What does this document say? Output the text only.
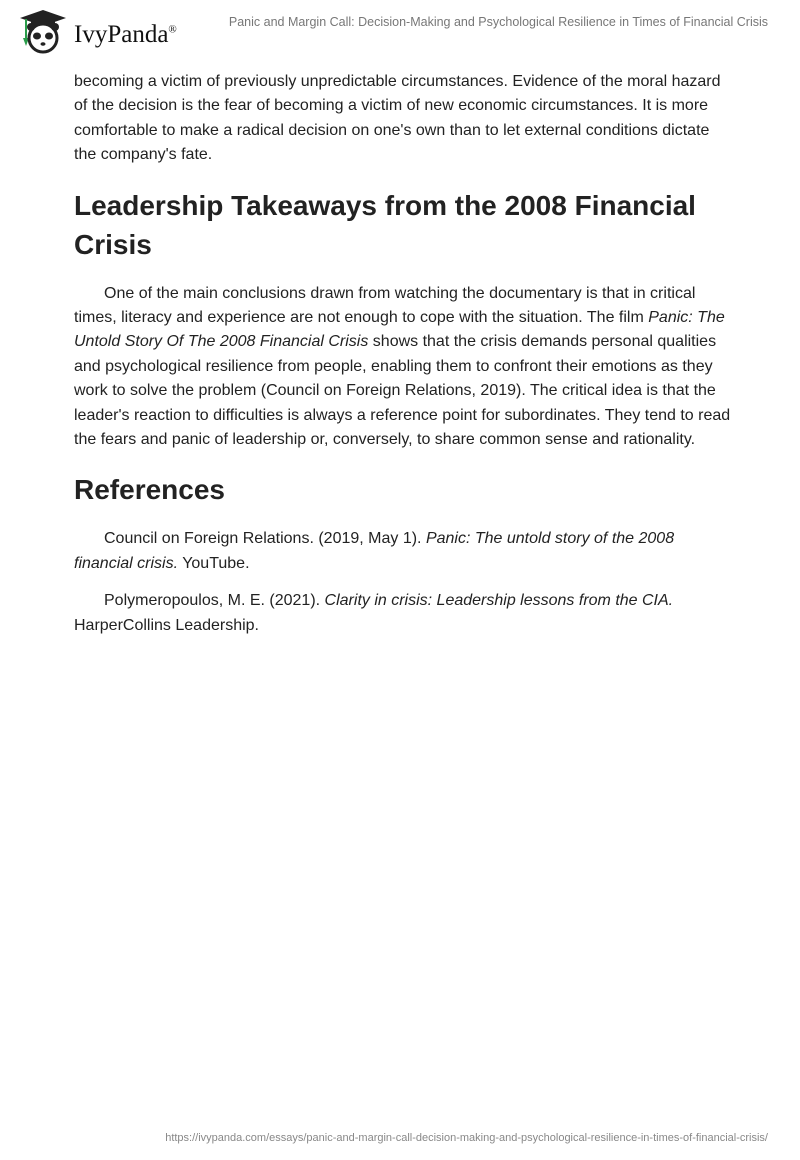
IvyPanda®
Panic and Margin Call: Decision-Making and Psychological Resilience in Times of Financial Crisis

becoming a victim of previously unpredictable circumstances. Evidence of the moral hazard of the decision is the fear of becoming a victim of new economic circumstances. It is more comfortable to make a radical decision on one's own than to let external conditions dictate the company's fate.

Leadership Takeaways from the 2008 Financial Crisis

One of the main conclusions drawn from watching the documentary is that in critical times, literacy and experience are not enough to cope with the situation. The film Panic: The Untold Story Of The 2008 Financial Crisis shows that the crisis demands personal qualities and psychological resilience from people, enabling them to confront their emotions as they work to solve the problem (Council on Foreign Relations, 2019). The critical idea is that the leader's reaction to difficulties is always a reference point for subordinates. They tend to read the fears and panic of leadership or, conversely, to share common sense and rationality.

References

Council on Foreign Relations. (2019, May 1). Panic: The untold story of the 2008 financial crisis. YouTube.

Polymeropoulos, M. E. (2021). Clarity in crisis: Leadership lessons from the CIA. HarperCollins Leadership.

https://ivypanda.com/essays/panic-and-margin-call-decision-making-and-psychological-resilience-in-times-of-financial-crisis/
